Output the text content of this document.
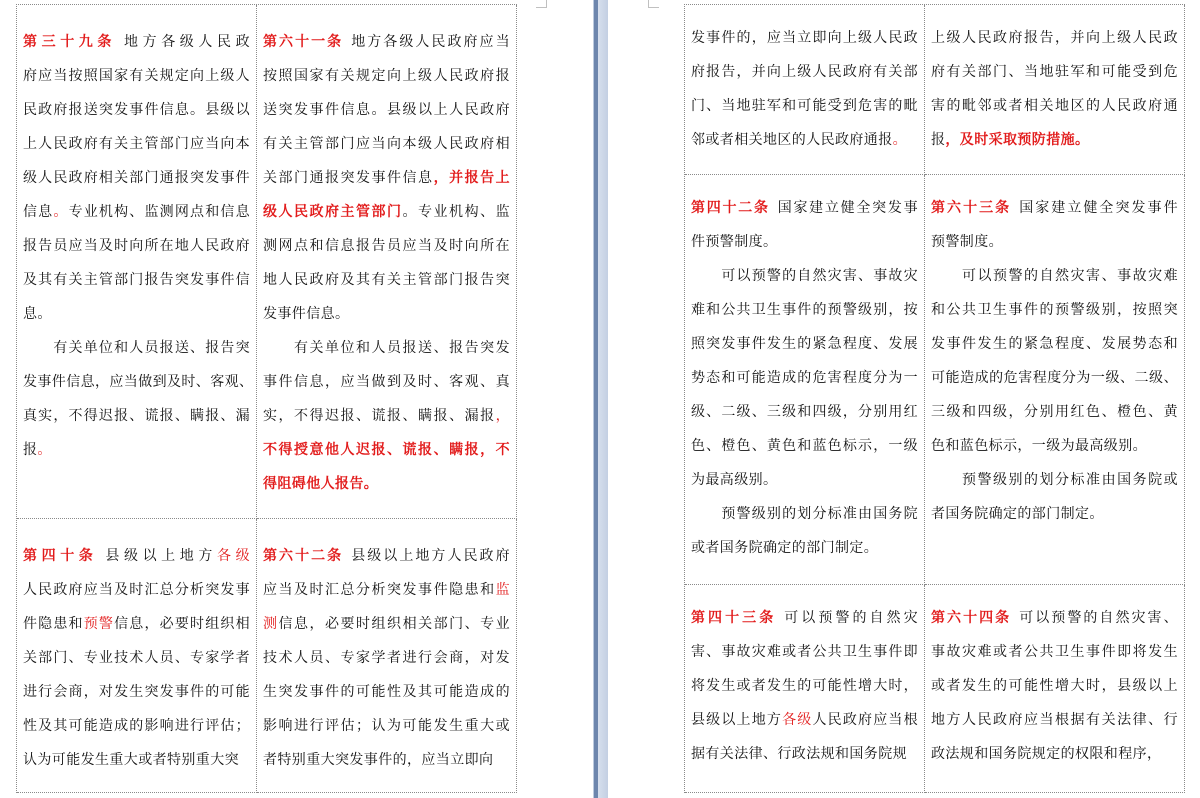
第三十九条 地方各级人民政
府应当按照国家有关规定向上级人
民政府报送突发事件信息。县级以
上人民政府有关主管部门应当向本
级人民政府相关部门通报突发事件
信息。专业机构、监测网点和信息
报告员应当及时向所在地人民政府
及其有关主管部门报告突发事件信
息。
　　有关单位和人员报送、报告突
发事件信息，应当做到及时、客观、
真实，不得迟报、谎报、瞒报、漏
报。
第六十一条 地方各级人民政府应当
按照国家有关规定向上级人民政府报
送突发事件信息。县级以上人民政府
有关主管部门应当向本级人民政府相
关部门通报突发事件信息，并报告上
级人民政府主管部门。专业机构、监
测网点和信息报告员应当及时向所在
地人民政府及其有关主管部门报告突
发事件信息。
　　有关单位和人员报送、报告突发
事件信息，应当做到及时、客观、真
实，不得迟报、谎报、瞒报、漏报，
不得授意他人迟报、谎报、瞒报，不
得阻碍他人报告。
第四十条 县级以上地方各级
人民政府应当及时汇总分析突发事
件隐患和预警信息，必要时组织相
关部门、专业技术人员、专家学者
进行会商，对发生突发事件的可能
性及其可能造成的影响进行评估；
认为可能发生重大或者特别重大突
第六十二条 县级以上地方人民政府
应当及时汇总分析突发事件隐患和监
测信息，必要时组织相关部门、专业
技术人员、专家学者进行会商，对发
生突发事件的可能性及其可能造成的
影响进行评估；认为可能发生重大或
者特别重大突发事件的，应当立即向
发事件的，应当立即向上级人民政
府报告，并向上级人民政府有关部
门、当地驻军和可能受到危害的毗
邻或者相关地区的人民政府通报。
上级人民政府报告，并向上级人民政
府有关部门、当地驻军和可能受到危
害的毗邻或者相关地区的人民政府通
报，及时采取预防措施。
第四十二条 国家建立健全突发事
件预警制度。
　　可以预警的自然灾害、事故灾
难和公共卫生事件的预警级别，按
照突发事件发生的紧急程度、发展
势态和可能造成的危害程度分为一
级、二级、三级和四级，分别用红
色、橙色、黄色和蓝色标示，一级
为最高级别。
　　预警级别的划分标准由国务院
或者国务院确定的部门制定。
第六十三条 国家建立健全突发事件
预警制度。
　　可以预警的自然灾害、事故灾难
和公共卫生事件的预警级别，按照突
发事件发生的紧急程度、发展势态和
可能造成的危害程度分为一级、二级、
三级和四级，分别用红色、橙色、黄
色和蓝色标示，一级为最高级别。
　　预警级别的划分标准由国务院或
者国务院确定的部门制定。
第四十三条 可以预警的自然灾
害、事故灾难或者公共卫生事件即
将发生或者发生的可能性增大时，
县级以上地方各级人民政府应当根
据有关法律、行政法规和国务院规
第六十四条 可以预警的自然灾害、
事故灾难或者公共卫生事件即将发生
或者发生的可能性增大时，县级以上
地方人民政府应当根据有关法律、行
政法规和国务院规定的权限和程序，
